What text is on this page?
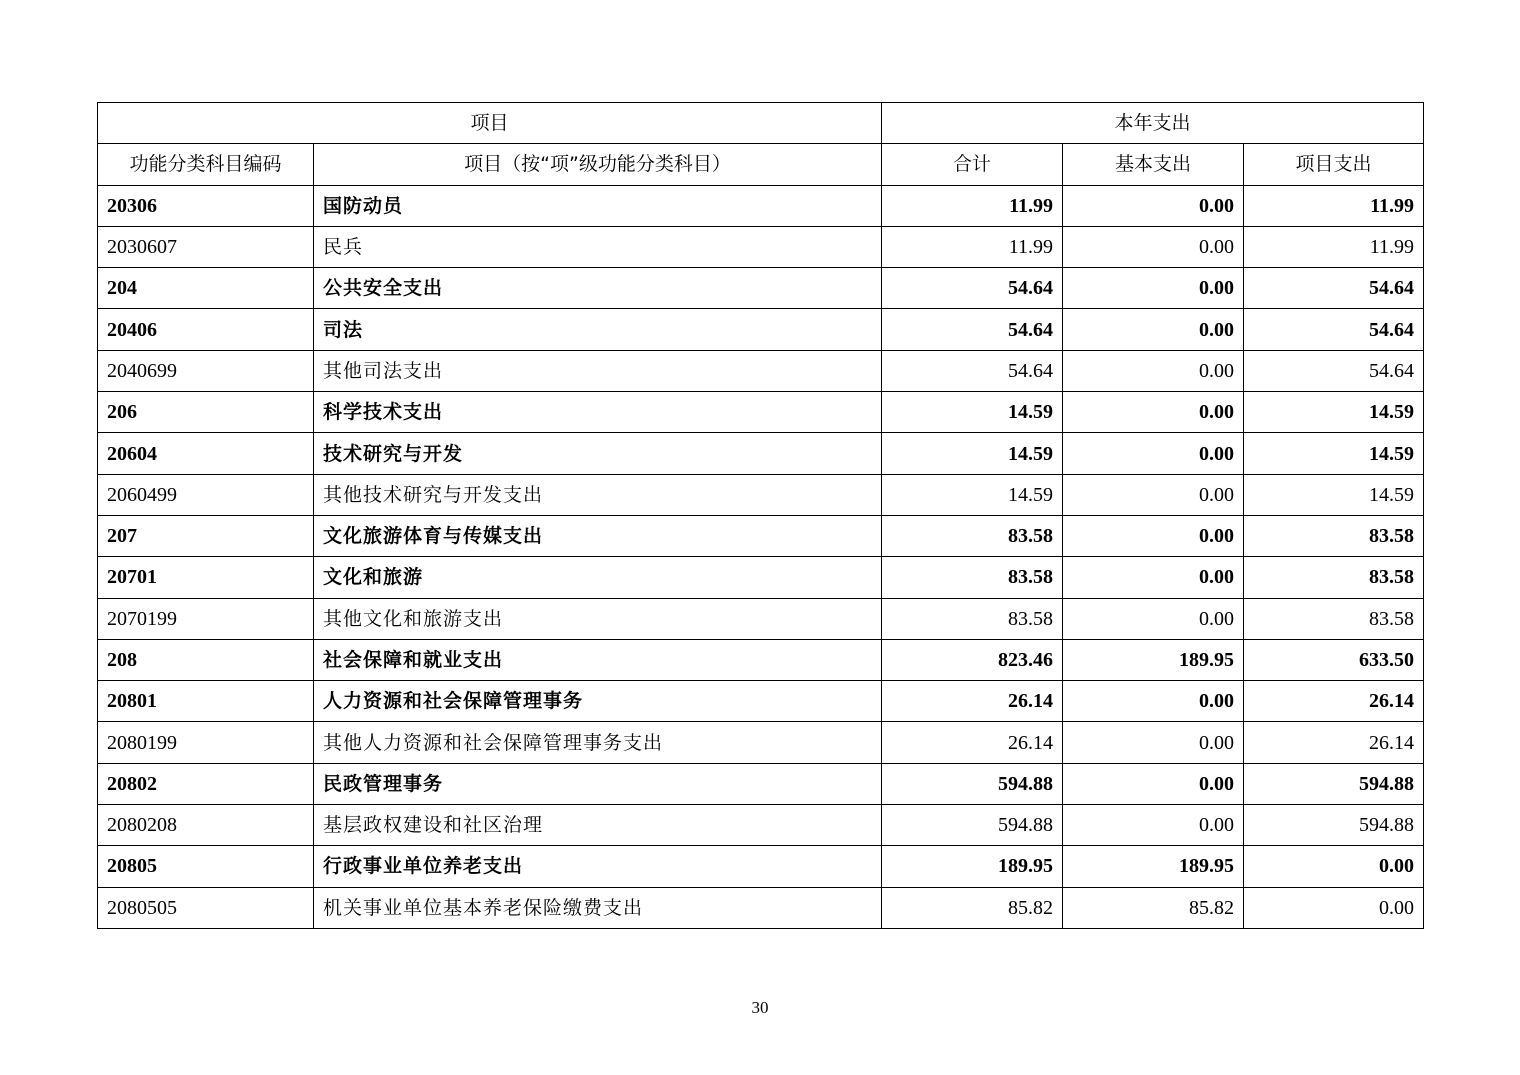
项目		本年支出		
功能分类科目编码	项目（按“项”级功能分类科目）	合计	基本支出	项目支出
20306	国防动员	11.99	0.00	11.99
2030607	民兵	11.99	0.00	11.99
204	公共安全支出	54.64	0.00	54.64
20406	司法	54.64	0.00	54.64
2040699	其他司法支出	54.64	0.00	54.64
206	科学技术支出	14.59	0.00	14.59
20604	技术研究与开发	14.59	0.00	14.59
2060499	其他技术研究与开发支出	14.59	0.00	14.59
207	文化旅游体育与传媒支出	83.58	0.00	83.58
20701	文化和旅游	83.58	0.00	83.58
2070199	其他文化和旅游支出	83.58	0.00	83.58
208	社会保障和就业支出	823.46	189.95	633.50
20801	人力资源和社会保障管理事务	26.14	0.00	26.14
2080199	其他人力资源和社会保障管理事务支出	26.14	0.00	26.14
20802	民政管理事务	594.88	0.00	594.88
2080208	基层政权建设和社区治理	594.88	0.00	594.88
20805	行政事业单位养老支出	189.95	189.95	0.00
2080505	机关事业单位基本养老保险缴费支出	85.82	85.82	0.00
30
